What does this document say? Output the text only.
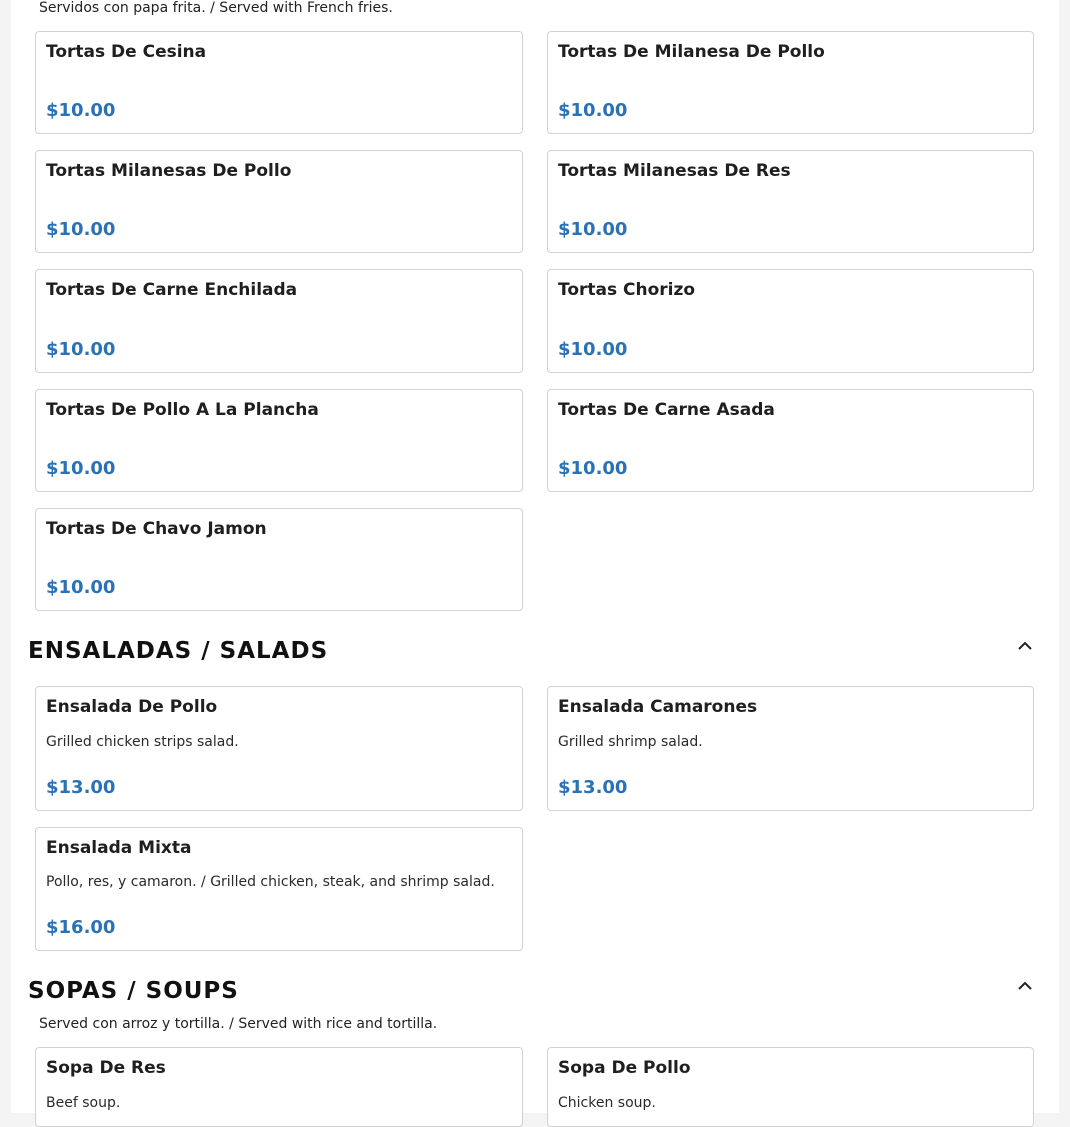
Servidos con papa frita. / Served with French fries.
Tortas De Cesina
$10.00
Tortas De Milanesa De Pollo
$10.00
Tortas Milanesas De Pollo
$10.00
Tortas Milanesas De Res
$10.00
Tortas De Carne Enchilada
$10.00
Tortas Chorizo
$10.00
Tortas De Pollo A La Plancha
$10.00
Tortas De Carne Asada
$10.00
Tortas De Chavo Jamon
$10.00
ENSALADAS / SALADS
Ensalada De Pollo
Grilled chicken strips salad.
$13.00
Ensalada Camarones
Grilled shrimp salad.
$13.00
Ensalada Mixta
Pollo, res, y camaron. / Grilled chicken, steak, and shrimp salad.
$16.00
SOPAS / SOUPS
Served con arroz y tortilla. / Served with rice and tortilla.
Sopa De Res
Beef soup.
Sopa De Pollo
Chicken soup.
